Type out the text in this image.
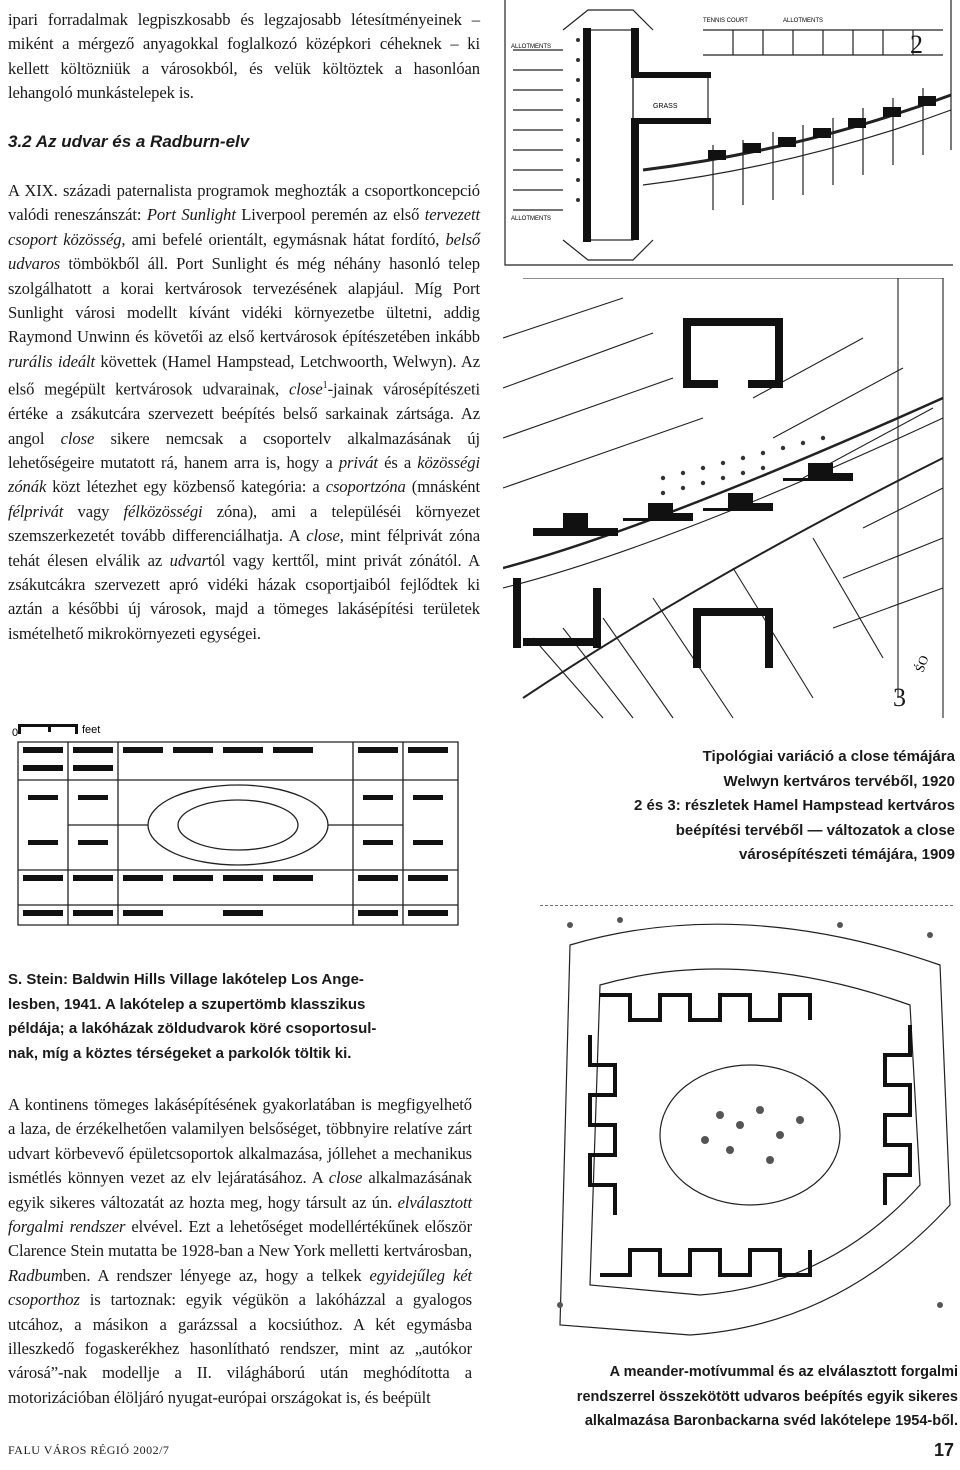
ipari forradalmak legpiszkosabb és legzajosabb létesítményeinek – miként a mérgező anyagokkal foglalkozó középkori céheknek – ki kellett költözniük a városokból, és velük költöztek a hasonlóan lehangoló munkástelepek is.

3.2 Az udvar és a Radburn-elv

A XIX. századi paternalista programok meghozták a csoportkoncepció valódi reneszánszát: Port Sunlight Liverpool peremén az első tervezett csoport közösség, ami befelé orientált, egymásnak hátat fordító, belső udvaros tömbökből áll. Port Sunlight és még néhány hasonló telep szolgálhatott a korai kertvárosok tervezésének alapjául. Míg Port Sunlight városi modellt kívánt vidéki környezetbe ültetni, addig Raymond Unwinn és követői az első kertvárosok építészetében inkább rurális ideált követtek (Hamel Hampstead, Letchwoorth, Welwyn). Az első megépült kertvárosok udvarainak, close$^1$-jainak városépítészeti értéke a zsákutcára szervezett beépítés belső sarkainak zártsága. Az angol close sikere nemcsak a csoportelv alkalmazásának új lehetőségeire mutatott rá, hanem arra is, hogy a privát és a közösségi zónák közt létezhet egy közbenső kategória: a csoportzóna (mnásként félprivát vagy félközösségi zóna), ami a településéi környezet szemszerkezetét tovább differenciálhatja. A close, mint félprivát zóna tehát élesen elválik az udvartól vagy kerttől, mint privát zónától. A zsákutcákra szervezett apró vidéki házak csoportjaiból fejlődtek ki aztán a későbbi új városok, majd a tömeges lakásépítési területek ismételhető mikrokörnyezeti egységei.

TENNIS COURT
ALLOTMENTS
ALLOTMENTS
ALLOTMENTS
GRASS
2
ŚO
3
0	feet
Tipológiai variáció a close témájára
Welwyn kertváros tervéből, 1920
2 és 3: részletek Hamel Hampstead kertváros
beépítési tervéből — változatok a close
városépítészeti témájára, 1909
S. Stein: Baldwin Hills Village lakótelep Los Ange-
lesben, 1941. A lakótelep a szupertömb klasszikus
példája; a lakóházak zöldudvarok köré csoportosul-
nak, míg a köztes térségeket a parkolók töltik ki.

A kontinens tömeges lakásépítésének gyakorlatában is megfigyelhető a laza, de érzékelhetően valamilyen belsőséget, többnyire relatíve zárt udvart körbevevő épületcsoportok alkalmazása, jóllehet a mechanikus ismétlés könnyen vezet az elv lejáratásához. A close alkalmazásának egyik sikeres változatát az hozta meg, hogy társult az ún. elválasztott forgalmi rendszer elvével. Ezt a lehetőséget modellértékűnek először Clarence Stein mutatta be 1928-ban a New York melletti kertvárosban, Radbumben. A rendszer lényege az, hogy a telkek egyidejűleg két csoporthoz is tartoznak: egyik végükön a lakóházzal a gyalogos utcához, a másikon a garázssal a kocsiúthoz. A két egymásba illeszkedő fogaskerékhez hasonlítható rendszer, mint az „autókor városá”-nak modellje a II. világháború után meghódította a motorizációban élöljáró nyugat-európai országokat is, és beépült

A meander-motívummal és az elválasztott forgalmi
rendszerrel összekötött udvaros beépítés egyik sikeres
alkalmazása Baronbackarna svéd lakótelepe 1954-ből.
FALU VÁROS RÉGIÓ 2002/7	17
